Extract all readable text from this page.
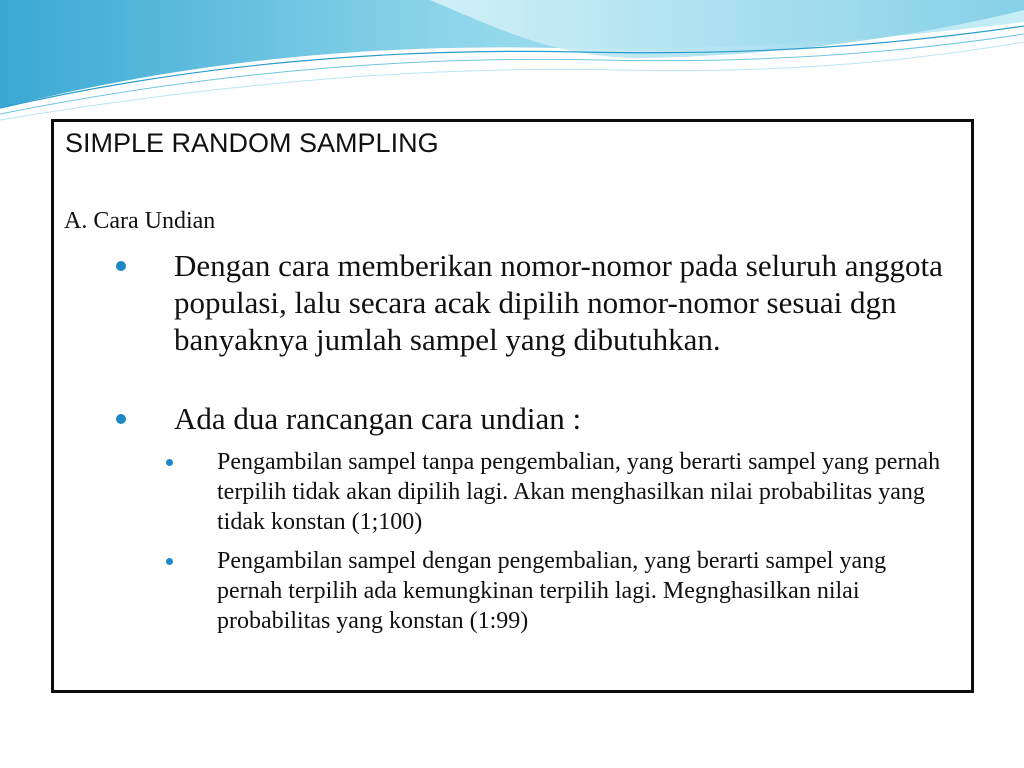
SIMPLE RANDOM SAMPLING
A. Cara Undian
Dengan cara memberikan nomor-nomor pada seluruh anggota populasi, lalu secara acak dipilih nomor-nomor sesuai dgn banyaknya jumlah sampel yang dibutuhkan.
Ada dua rancangan cara undian :
Pengambilan sampel tanpa pengembalian, yang berarti sampel yang pernah terpilih tidak akan dipilih lagi. Akan menghasilkan nilai probabilitas yang tidak konstan (1;100)
Pengambilan sampel dengan pengembalian, yang berarti sampel yang pernah terpilih ada kemungkinan terpilih lagi. Megnghasilkan nilai probabilitas yang konstan (1:99)
